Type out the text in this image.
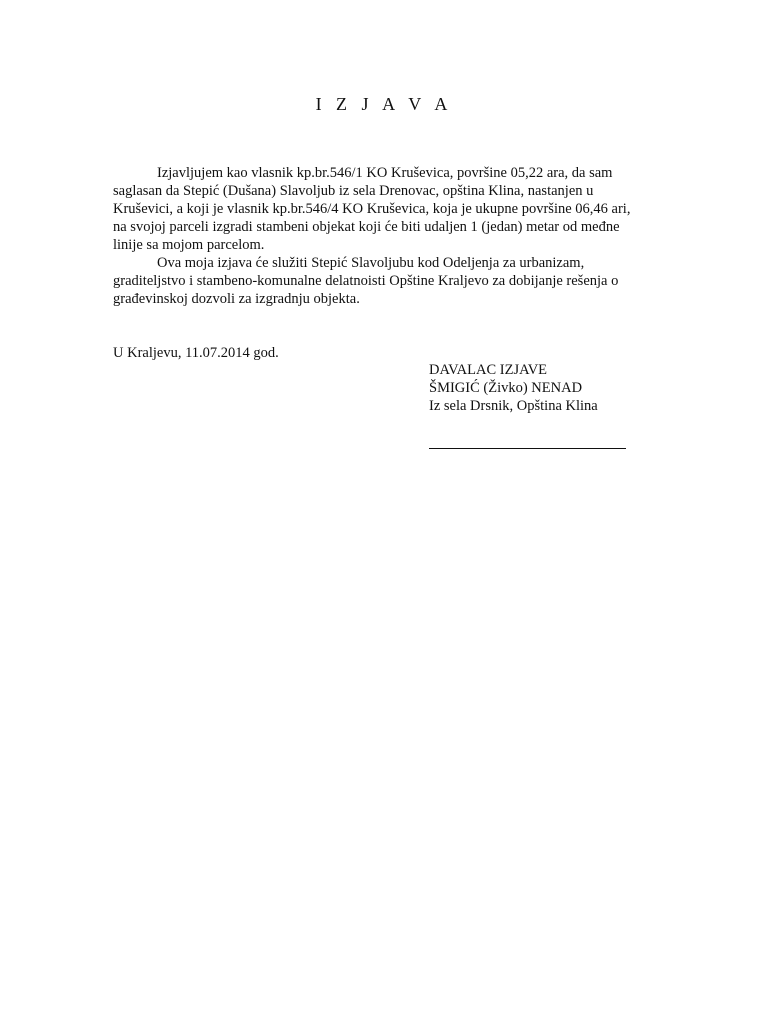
I Z J A V A
Izjavljujem kao vlasnik kp.br.546/1 KO Kruševica, površine 05,22 ara, da sam
saglasan da Stepić (Dušana) Slavoljub iz sela Drenovac, opština Klina, nastanjen u
Kruševici, a koji je vlasnik kp.br.546/4 KO Kruševica, koja je ukupne površine 06,46 ari,
na svojoj parceli izgradi stambeni objekat koji će biti udaljen 1 (jedan) metar od međne
linije sa mojom parcelom.
Ova moja izjava će služiti Stepić Slavoljubu kod Odeljenja za urbanizam,
graditeljstvo i stambeno-komunalne delatnoisti Opštine Kraljevo za dobijanje rešenja o
građevinskoj dozvoli za izgradnju objekta.
U Kraljevu, 11.07.2014 god.
DAVALAC IZJAVE
ŠMIGIĆ (Živko) NENAD
Iz sela Drsnik, Opština Klina
